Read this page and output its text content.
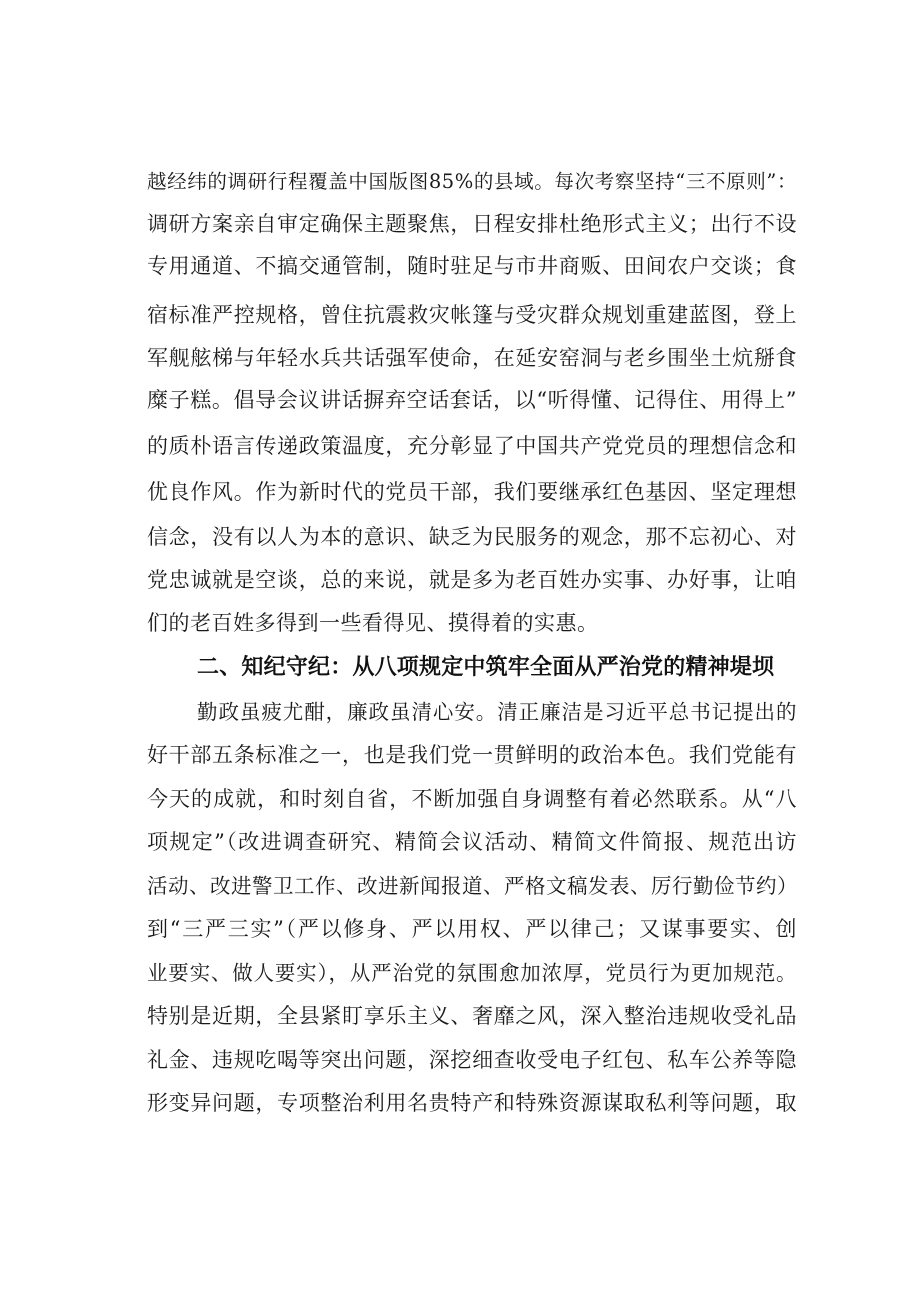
越经纬的调研行程覆盖中国版图85%的县域。每次考察坚持“三不原则”：

调研方案亲自审定确保主题聚焦，日程安排杜绝形式主义；出行不设

专用通道、不搞交通管制，随时驻足与市井商贩、田间农户交谈；食

宿标准严控规格，曾住抗震救灾帐篷与受灾群众规划重建蓝图，登上

军舰舷梯与年轻水兵共话强军使命，在延安窑洞与老乡围坐土炕掰食

糜子糕。倡导会议讲话摒弃空话套话，以“听得懂、记得住、用得上”

的质朴语言传递政策温度，充分彰显了中国共产党党员的理想信念和

优良作风。作为新时代的党员干部，我们要继承红色基因、坚定理想

信念，没有以人为本的意识、缺乏为民服务的观念，那不忘初心、对

党忠诚就是空谈，总的来说，就是多为老百姓办实事、办好事，让咱

们的老百姓多得到一些看得见、摸得着的实惠。

二、知纪守纪：从八项规定中筑牢全面从严治党的精神堤坝

勤政虽疲尤酣，廉政虽清心安。清正廉洁是习近平总书记提出的

好干部五条标准之一，也是我们党一贯鲜明的政治本色。我们党能有

今天的成就，和时刻自省，不断加强自身调整有着必然联系。从“八

项规定”（改进调查研究、精简会议活动、精简文件简报、规范出访

活动、改进警卫工作、改进新闻报道、严格文稿发表、厉行勤俭节约）

到“三严三实”（严以修身、严以用权、严以律己；又谋事要实、创

业要实、做人要实），从严治党的氛围愈加浓厚，党员行为更加规范。

特别是近期，全县紧盯享乐主义、奢靡之风，深入整治违规收受礼品

礼金、违规吃喝等突出问题，深挖细查收受电子红包、私车公养等隐

形变异问题，专项整治利用名贵特产和特殊资源谋取私利等问题，取
